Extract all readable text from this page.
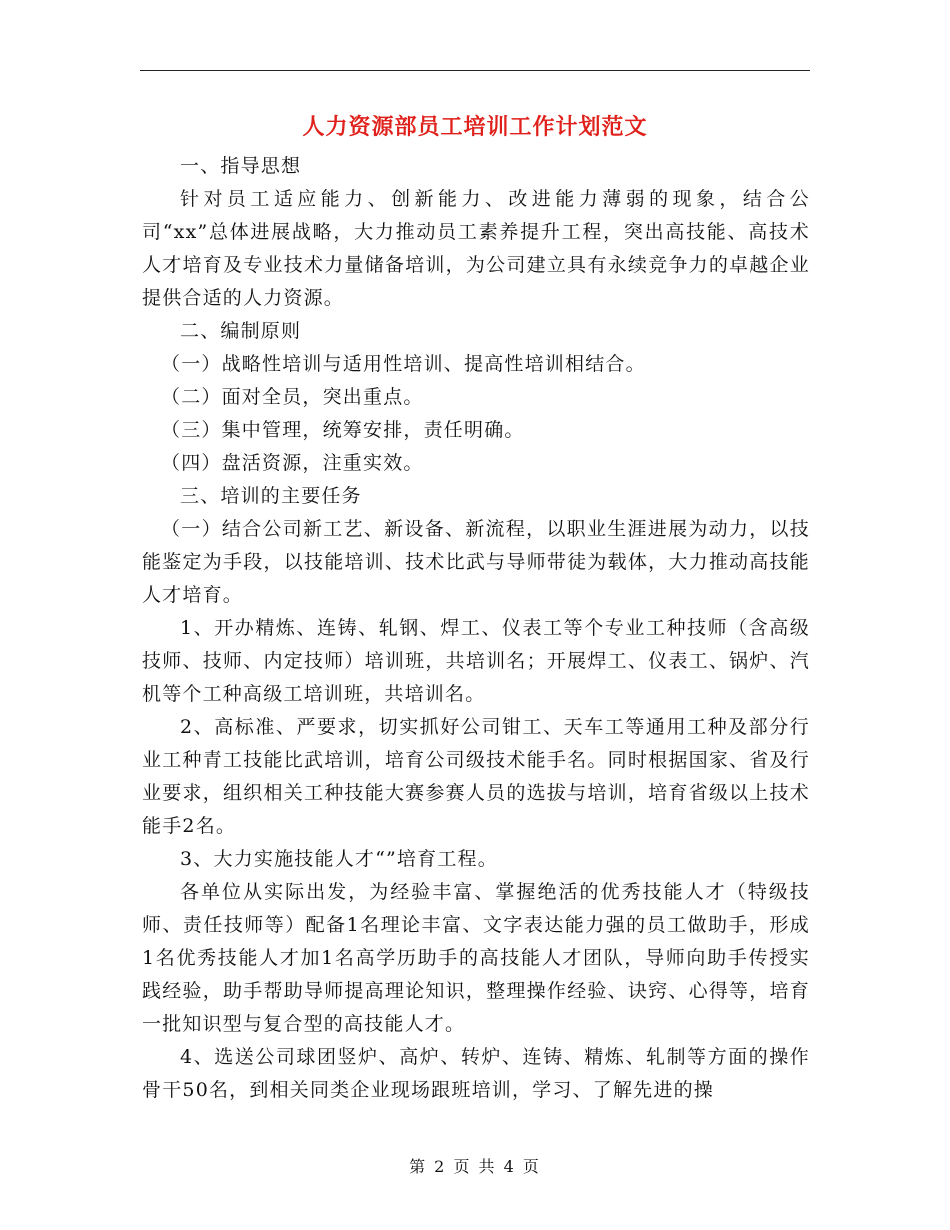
人力资源部员工培训工作计划范文

一、指导思想

针对员工适应能力、创新能力、改进能力薄弱的现象，结合公司“xx”总体进展战略，大力推动员工素养提升工程，突出高技能、高技术人才培育及专业技术力量储备培训，为公司建立具有永续竞争力的卓越企业提供合适的人力资源。

二、编制原则

（一）战略性培训与适用性培训、提高性培训相结合。

（二）面对全员，突出重点。

（三）集中管理，统筹安排，责任明确。

（四）盘活资源，注重实效。

三、培训的主要任务

（一）结合公司新工艺、新设备、新流程，以职业生涯进展为动力，以技能鉴定为手段，以技能培训、技术比武与导师带徒为载体，大力推动高技能人才培育。

1、开办精炼、连铸、轧钢、焊工、仪表工等个专业工种技师（含高级技师、技师、内定技师）培训班，共培训名；开展焊工、仪表工、锅炉、汽机等个工种高级工培训班，共培训名。

2、高标准、严要求，切实抓好公司钳工、天车工等通用工种及部分行业工种青工技能比武培训，培育公司级技术能手名。同时根据国家、省及行业要求，组织相关工种技能大赛参赛人员的选拔与培训，培育省级以上技术能手2名。

3、大力实施技能人才“”培育工程。

各单位从实际出发，为经验丰富、掌握绝活的优秀技能人才（特级技师、责任技师等）配备1名理论丰富、文字表达能力强的员工做助手，形成1名优秀技能人才加1名高学历助手的高技能人才团队，导师向助手传授实践经验，助手帮助导师提高理论知识，整理操作经验、诀窍、心得等，培育一批知识型与复合型的高技能人才。

4、选送公司球团竖炉、高炉、转炉、连铸、精炼、轧制等方面的操作骨干50名，到相关同类企业现场跟班培训，学习、了解先进的操

第 2 页 共 4 页
